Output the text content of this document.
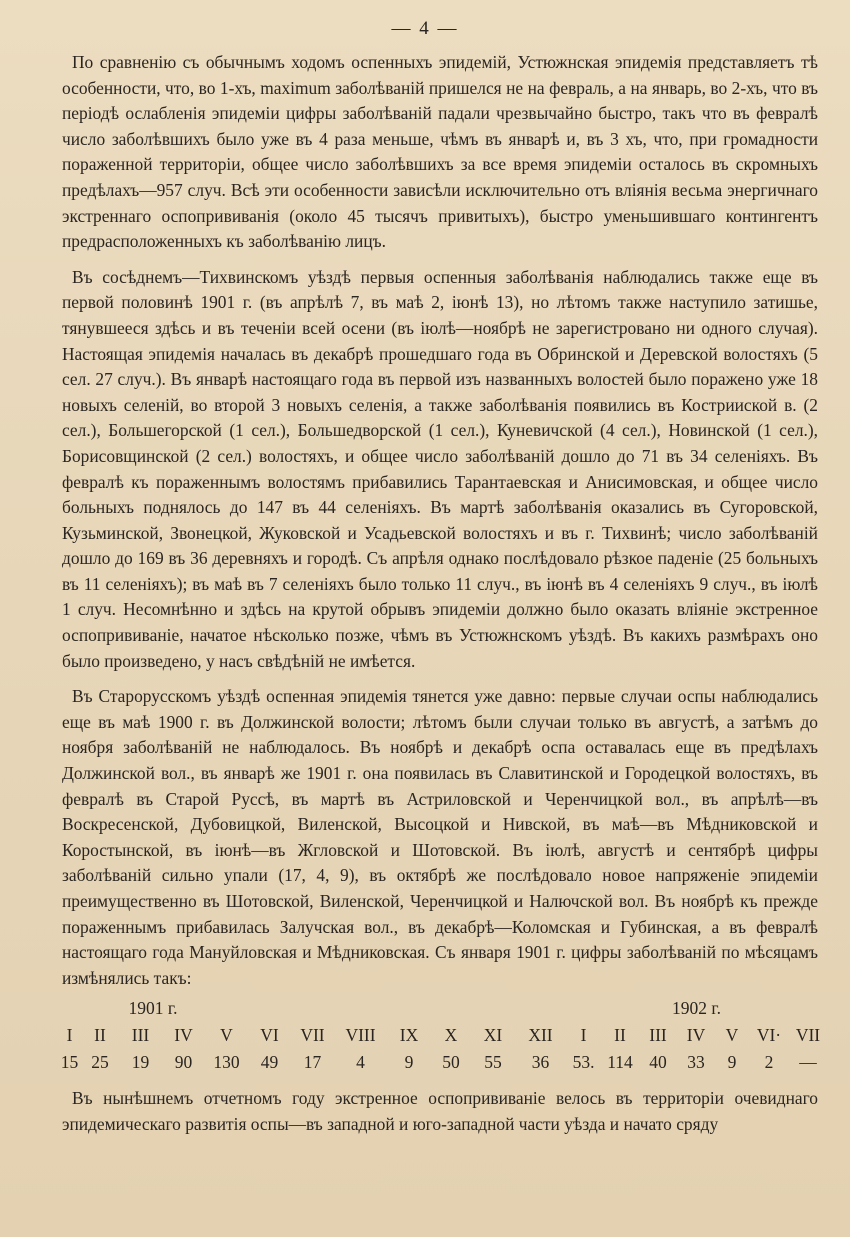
— 4 —

По сравненію съ обычнымъ ходомъ оспенныхъ эпидемій, Устюжнская эпидемія представляетъ тѣ особенности, что, во 1-хъ, maximum заболѣваній пришелся не на февраль, а на январь, во 2-хъ, что въ періодѣ ослабленія эпидеміи цифры заболѣваній падали чрезвычайно быстро, такъ что въ февралѣ число заболѣвшихъ было уже въ 4 раза меньше, чѣмъ въ январѣ и, въ 3 хъ, что, при громадности пораженной территоріи, общее число заболѣвшихъ за все время эпидеміи осталось въ скромныхъ предѣлахъ—957 случ. Всѣ эти особенности зависѣли исключительно отъ вліянія весьма энергичнаго экстреннаго оспопрививанія (около 45 тысячъ привитыхъ), быстро уменьшившаго контингентъ предрасположенныхъ къ заболѣванію лицъ.

Въ сосѣднемъ—Тихвинскомъ уѣздѣ первыя оспенныя заболѣванія наблюдались также еще въ первой половинѣ 1901 г. (въ апрѣлѣ 7, въ маѣ 2, іюнѣ 13), но лѣтомъ также наступило затишье, тянувшееся здѣсь и въ теченіи всей осени (въ іюлѣ—ноябрѣ не зарегистровано ни одного случая). Настоящая эпидемія началась въ декабрѣ прошедшаго года въ Обринской и Деревской волостяхъ (5 сел. 27 случ.). Въ январѣ настоящаго года въ первой изъ названныхъ волостей было поражено уже 18 новыхъ селеній, во второй 3 новыхъ селенія, а также заболѣванія появились въ Кострииской в. (2 сел.), Большегорской (1 сел.), Большедворской (1 сел.), Куневичской (4 сел.), Новинской (1 сел.), Борисовщинской (2 сел.) волостяхъ, и общее число заболѣваній дошло до 71 въ 34 селеніяхъ. Въ февралѣ къ пораженнымъ волостямъ прибавились Тарантаевская и Анисимовская, и общее число больныхъ поднялось до 147 въ 44 селеніяхъ. Въ мартѣ заболѣванія оказались въ Сугоровской, Кузьминской, Звонецкой, Жуковской и Усадьевской волостяхъ и въ г. Тихвинѣ; число заболѣваній дошло до 169 въ 36 деревняхъ и городѣ. Съ апрѣля однако послѣдовало рѣзкое паденіе (25 больныхъ въ 11 селеніяхъ); въ маѣ въ 7 селеніяхъ было только 11 случ., въ іюнѣ въ 4 селеніяхъ 9 случ., въ іюлѣ 1 случ. Несомнѣнно и здѣсь на крутой обрывъ эпидеміи должно было оказать вліяніе экстренное оспопрививаніе, начатое нѣсколько позже, чѣмъ въ Устюжнскомъ уѣздѣ. Въ какихъ размѣрахъ оно было произведено, у насъ свѣдѣній не имѣется.

Въ Старорусскомъ уѣздѣ оспенная эпидемія тянется уже давно: первые случаи оспы наблюдались еще въ маѣ 1900 г. въ Должинской волости; лѣтомъ были случаи только въ августѣ, а затѣмъ до ноября заболѣваній не наблюдалось. Въ ноябрѣ и декабрѣ оспа оставалась еще въ предѣлахъ Должинской вол., въ январѣ же 1901 г. она появилась въ Славитинской и Городецкой волостяхъ, въ февралѣ въ Старой Руссѣ, въ мартѣ въ Астриловской и Черенчицкой вол., въ апрѣлѣ—въ Воскресенской, Дубовицкой, Виленской, Высоцкой и Нивской, въ маѣ—въ Мѣдниковской и Коростынской, въ іюнѣ—въ Жгловской и Шотовской. Въ іюлѣ, августѣ и сентябрѣ цифры заболѣваній сильно упали (17, 4, 9), въ октябрѣ же послѣдовало новое напряженіе эпидеміи преимущественно въ Шотовской, Виленской, Черенчицкой и Налючской вол. Въ ноябрѣ къ прежде пораженнымъ прибавилась Залучская вол., въ декабрѣ—Коломская и Губинская, а въ февралѣ настоящаго года Мануйловская и Мѣдниковская. Съ января 1901 г. цифры заболѣваній по мѣсяцамъ измѣнялись такъ:

1901 г.												1902 г.						
I	II	III	IV	V	VI	VII	VIII	IX	X	XI	XII	I	II	III	IV	V	VI·	VII
15	25	19	90	130	49	17	4	9	50	55	36	53.	114	40	33	9	2	—

Въ нынѣшнемъ отчетномъ году экстренное оспопрививаніе велось въ территоріи очевиднаго эпидемическаго развитія оспы—въ западной и юго-западной части уѣзда и начато сряду
